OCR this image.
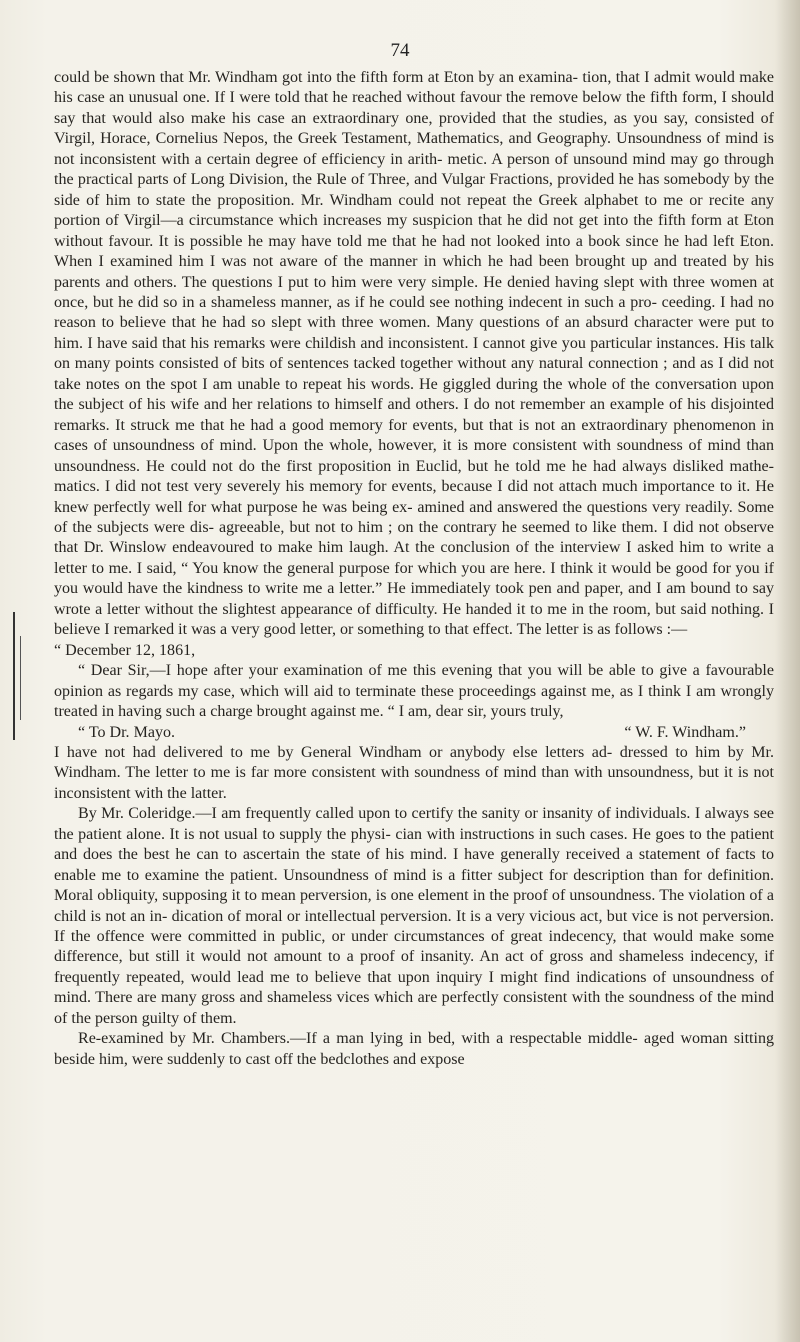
74

could be shown that Mr. Windham got into the fifth form at Eton by an examina- tion, that I admit would make his case an unusual one. If I were told that he reached without favour the remove below the fifth form, I should say that would also make his case an extraordinary one, provided that the studies, as you say, consisted of Virgil, Horace, Cornelius Nepos, the Greek Testament, Mathematics, and Geography. Unsoundness of mind is not inconsistent with a certain degree of efficiency in arith- metic. A person of unsound mind may go through the practical parts of Long Division, the Rule of Three, and Vulgar Fractions, provided he has somebody by the side of him to state the proposition. Mr. Windham could not repeat the Greek alphabet to me or recite any portion of Virgil—a circumstance which increases my suspicion that he did not get into the fifth form at Eton without favour. It is possible he may have told me that he had not looked into a book since he had left Eton. When I examined him I was not aware of the manner in which he had been brought up and treated by his parents and others. The questions I put to him were very simple. He denied having slept with three women at once, but he did so in a shameless manner, as if he could see nothing indecent in such a pro- ceeding. I had no reason to believe that he had so slept with three women. Many questions of an absurd character were put to him. I have said that his remarks were childish and inconsistent. I cannot give you particular instances. His talk on many points consisted of bits of sentences tacked together without any natural connection ; and as I did not take notes on the spot I am unable to repeat his words. He giggled during the whole of the conversation upon the subject of his wife and her relations to himself and others. I do not remember an example of his disjointed remarks. It struck me that he had a good memory for events, but that is not an extraordinary phenomenon in cases of unsoundness of mind. Upon the whole, however, it is more consistent with soundness of mind than unsoundness. He could not do the first proposition in Euclid, but he told me he had always disliked mathe- matics. I did not test very severely his memory for events, because I did not attach much importance to it. He knew perfectly well for what purpose he was being ex- amined and answered the questions very readily. Some of the subjects were dis- agreeable, but not to him ; on the contrary he seemed to like them. I did not observe that Dr. Winslow endeavoured to make him laugh. At the conclusion of the interview I asked him to write a letter to me. I said, “ You know the general purpose for which you are here. I think it would be good for you if you would have the kindness to write me a letter.” He immediately took pen and paper, and I am bound to say wrote a letter without the slightest appearance of difficulty. He handed it to me in the room, but said nothing. I believe I remarked it was a very good letter, or something to that effect. The letter is as follows :—

“ December 12, 1861,

“ Dear Sir,—I hope after your examination of me this evening that you will be able to give a favourable opinion as regards my case, which will aid to terminate these proceedings against me, as I think I am wrongly treated in having such a charge brought against me. “ I am, dear sir, yours truly,

“ To Dr. Mayo.	“ W. F. Windham.”

I have not had delivered to me by General Windham or anybody else letters ad- dressed to him by Mr. Windham. The letter to me is far more consistent with soundness of mind than with unsoundness, but it is not inconsistent with the latter.

By Mr. Coleridge.—I am frequently called upon to certify the sanity or insanity of individuals. I always see the patient alone. It is not usual to supply the physi- cian with instructions in such cases. He goes to the patient and does the best he can to ascertain the state of his mind. I have generally received a statement of facts to enable me to examine the patient. Unsoundness of mind is a fitter subject for description than for definition. Moral obliquity, supposing it to mean perversion, is one element in the proof of unsoundness. The violation of a child is not an in- dication of moral or intellectual perversion. It is a very vicious act, but vice is not perversion. If the offence were committed in public, or under circumstances of great indecency, that would make some difference, but still it would not amount to a proof of insanity. An act of gross and shameless indecency, if frequently repeated, would lead me to believe that upon inquiry I might find indications of unsoundness of mind. There are many gross and shameless vices which are perfectly consistent with the soundness of the mind of the person guilty of them.

Re-examined by Mr. Chambers.—If a man lying in bed, with a respectable middle- aged woman sitting beside him, were suddenly to cast off the bedclothes and expose
